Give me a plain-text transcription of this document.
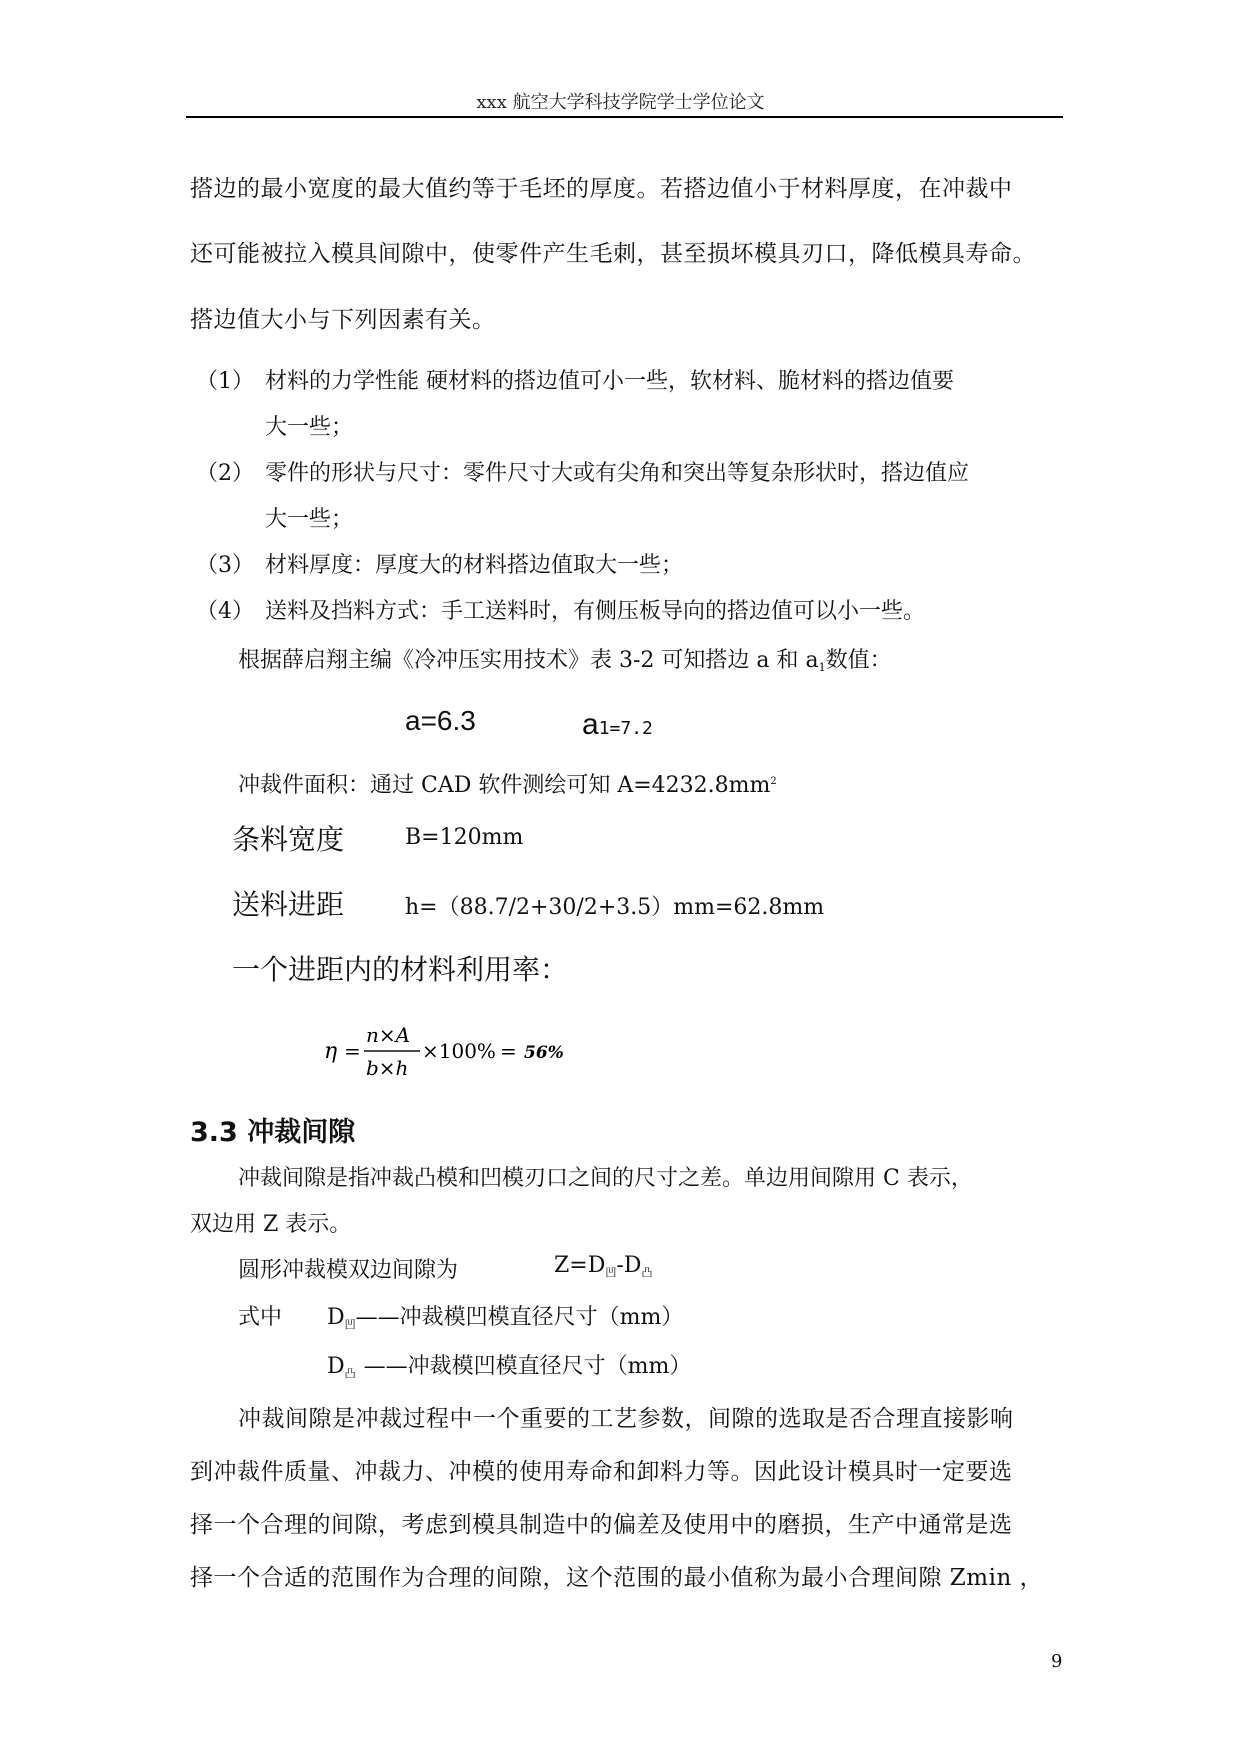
xxx 航空大学科技学院学士学位论文
搭边的最小宽度的最大值约等于毛坯的厚度。若搭边值小于材料厚度，在冲裁中
还可能被拉入模具间隙中，使零件产生毛刺，甚至损坏模具刃口，降低模具寿命。
搭边值大小与下列因素有关。
（1） 材料的力学性能 硬材料的搭边值可小一些，软材料、脆材料的搭边值要
大一些；
（2） 零件的形状与尺寸：零件尺寸大或有尖角和突出等复杂形状时，搭边值应
大一些；
（3） 材料厚度：厚度大的材料搭边值取大一些；
（4） 送料及挡料方式：手工送料时，有侧压板导向的搭边值可以小一些。
根据薛启翔主编《冷冲压实用技术》表 3-2 可知搭边 a 和 $a_1$数值：
a=6.3	a1=7.2
冲裁件面积：通过 CAD 软件测绘可知 $A=4232.8mm^2$
条料宽度	B=120mm
送料进距	h=（88.7/2+30/2+3.5）mm=62.8mm
一个进距内的材料利用率：
η =
n×A
b×h
×100% = 56%
3.3 冲裁间隙
冲裁间隙是指冲裁凸模和凹模刃口之间的尺寸之差。单边用间隙用 C 表示，
双边用 Z 表示。
圆形冲裁模双边间隙为	$Z=D_凹-D_凸$
式中 $D_凹——$冲裁模凹模直径尺寸（mm）
$D_凸$ ——冲裁模凹模直径尺寸（mm）
冲裁间隙是冲裁过程中一个重要的工艺参数，间隙的选取是否合理直接影响
到冲裁件质量、冲裁力、冲模的使用寿命和卸料力等。因此设计模具时一定要选
择一个合理的间隙，考虑到模具制造中的偏差及使用中的磨损，生产中通常是选
择一个合适的范围作为合理的间隙，这个范围的最小值称为最小合理间隙 Zmin ，
9
